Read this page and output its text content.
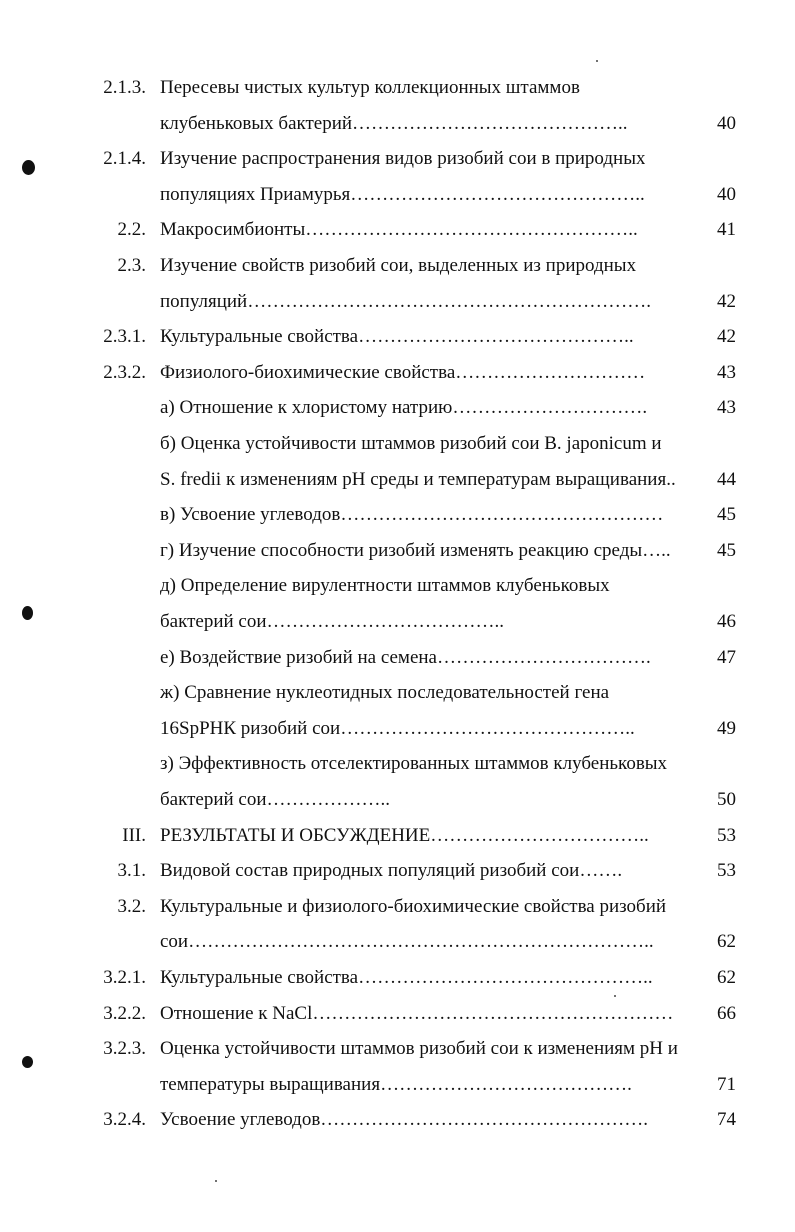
2.1.3. Пересевы чистых культур коллекционных штаммов
клубеньковых бактерий……………………………………..	40
2.1.4. Изучение распространения видов ризобий сои в природных
популяциях Приамурья………………………………………..	40
2.2. Макросимбионты……………………………………………..	41
2.3. Изучение свойств ризобий сои, выделенных из природных
популяций……………………………………………………….	42
2.3.1. Культуральные свойства……………………………………..	42
2.3.2. Физиолого-биохимические свойства…………………………	43
а) Отношение к хлористому натрию………………………….	43
б) Оценка устойчивости штаммов ризобий сои B. japonicum и
S. fredii к изменениям pH среды и температурам выращивания..	44
в) Усвоение углеводов……………………………………………	45
г) Изучение способности ризобий изменять реакцию среды…..	45
д) Определение вирулентности штаммов клубеньковых
бактерий сои………………………………..	46
е) Воздействие ризобий на семена…………………………….	47
ж) Сравнение нуклеотидных последовательностей гена
16SрРНК ризобий сои………………………………………..	49
з) Эффективность отселектированных штаммов клубеньковых
бактерий сои………………..	50
III. РЕЗУЛЬТАТЫ И ОБСУЖДЕНИЕ……………………………..	53
3.1. Видовой состав природных популяций ризобий сои…….	53
3.2. Культуральные и физиолого-биохимические свойства ризобий
сои………………………………………………………………..	62
3.2.1. Культуральные свойства………………………………………..	62
3.2.2. Отношение к NaCl…………………………………………………	66
3.2.3. Оценка устойчивости штаммов ризобий сои к изменениям pH и
температуры выращивания………………………………….	71
3.2.4. Усвоение углеводов…………………………………………….	74
